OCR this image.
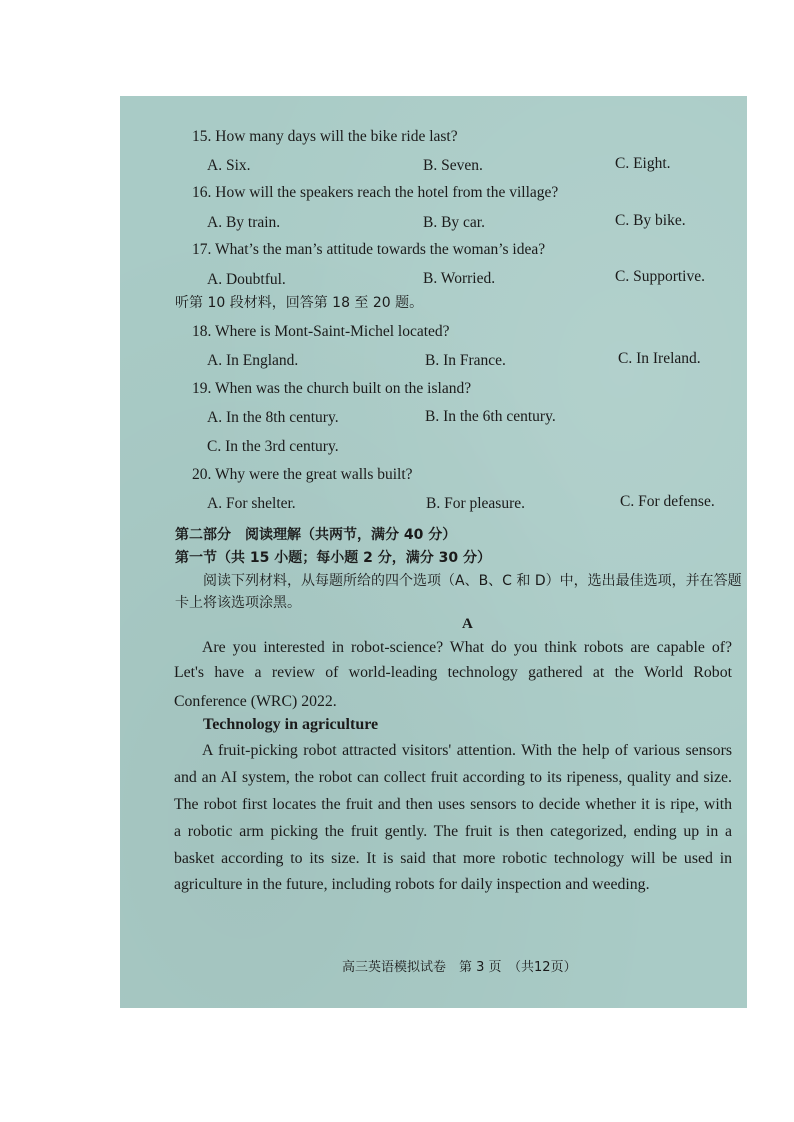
15. How many days will the bike ride last?
A. Six.	B. Seven.	C. Eight.
16. How will the speakers reach the hotel from the village?
A. By train.	B. By car.	C. By bike.
17. What’s the man’s attitude towards the woman’s idea?
A. Doubtful.	B. Worried.	C. Supportive.
听第 10 段材料，回答第 18 至 20 题。
18. Where is Mont-Saint-Michel located?
A. In England.	B. In France.	C. In Ireland.
19. When was the church built on the island?
A. In the 8th century.	B. In the 6th century.
C. In the 3rd century.
20. Why were the great walls built?
A. For shelter.	B. For pleasure.	C. For defense.
第二部分　阅读理解（共两节，满分 40 分）
第一节（共 15 小题；每小题 2 分，满分 30 分）
阅读下列材料，从每题所给的四个选项（A、B、C 和 D）中，选出最佳选项，并在答题
卡上将该选项涂黑。
A
Are you interested in robot-science? What do you think robots are capable of?
Let's have a review of world-leading technology gathered at the World Robot
Conference (WRC) 2022.
Technology in agriculture
A fruit-picking robot attracted visitors' attention. With the help of various sensors
and an AI system, the robot can collect fruit according to its ripeness, quality and size.
The robot first locates the fruit and then uses sensors to decide whether it is ripe, with
a robotic arm picking the fruit gently. The fruit is then categorized, ending up in a
basket according to its size. It is said that more robotic technology will be used in
agriculture in the future, including robots for daily inspection and weeding.
高三英语模拟试卷　第 3 页　（共12页）
